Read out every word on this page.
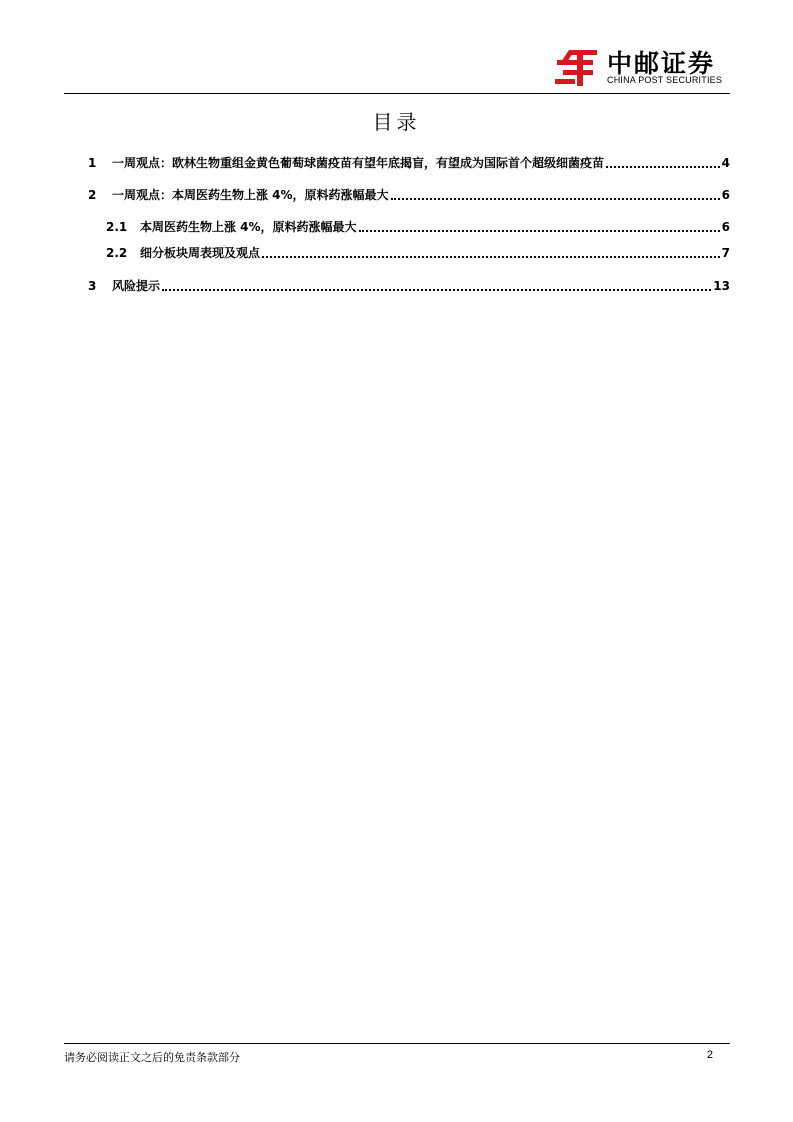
中邮证券
CHINA POST SECURITIES
目录
1	一周观点：欧林生物重组金黄色葡萄球菌疫苗有望年底揭盲，有望成为国际首个超级细菌疫苗	4
2	一周观点：本周医药生物上涨 4%，原料药涨幅最大	6
2.1	本周医药生物上涨 4%，原料药涨幅最大	6
2.2	细分板块周表现及观点	7
3	风险提示	13
请务必阅读正文之后的免责条款部分	2
